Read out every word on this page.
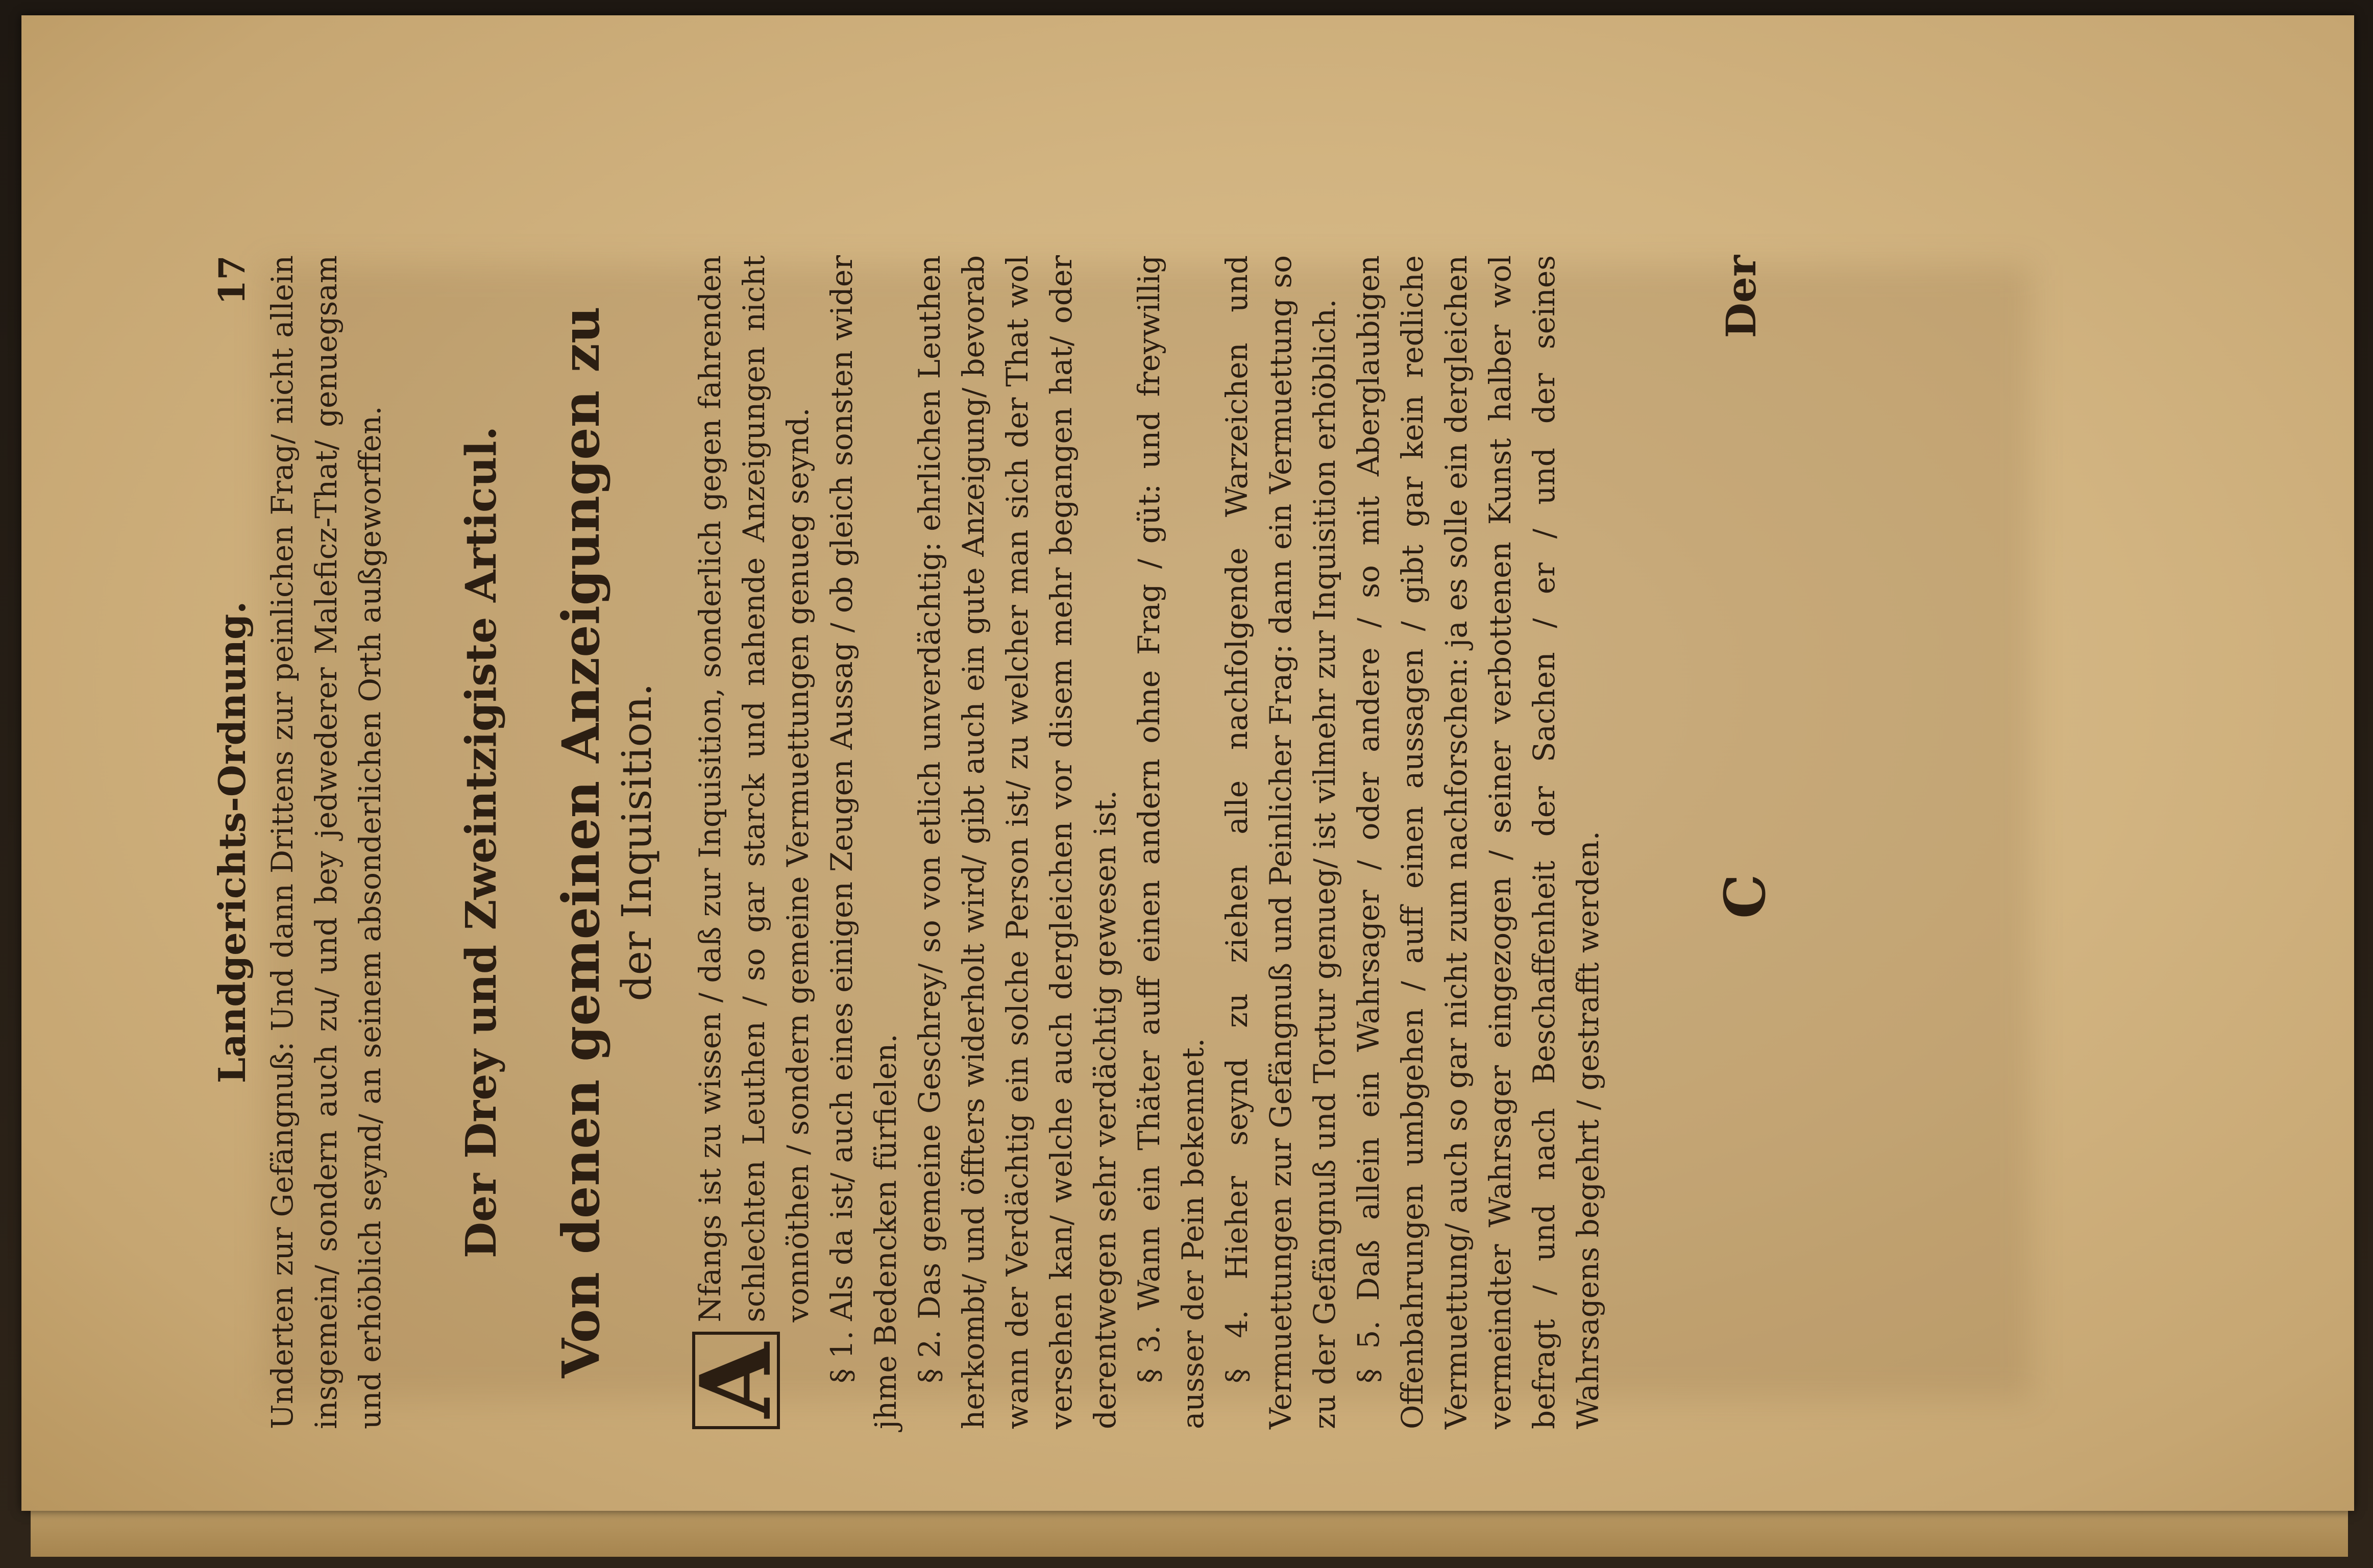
Landgerichts-Ordnung.
17 Underten zur Gefängnuß: Und dann Drittens zur peinlichen Frag/ nicht allein insgemein/ sondern auch zu/ und bey jedwederer Maleficz-That/ genuegsam und erhöblich seynd/ an seinem absonderlichen Orth außgeworffen. Der Drey und Zweintzigiste Articul. Von denen gemeinen Anzeigungen zu der Inquisition.

A
Nfangs ist zu wissen / daß zur Inquisition, sonderlich gegen fahrenden schlechten Leuthen / so gar starck und nahende Anzeigungen nicht vonnöthen / sondern gemeine Vermuettungen genueg seynd. § 1. Als da ist/ auch eines einigen Zeugen Aussag / ob gleich sonsten wider jhme Bedencken fürfielen. § 2. Das gemeine Geschrey/ so von etlich unverdächtig: ehrlichen Leuthen herkombt/ und öffters widerholt wird/ gibt auch ein gute Anzeigung/ bevorab wann der Verdächtig ein solche Person ist/ zu welcher man sich der That wol versehen kan/ welche auch dergleichen vor disem mehr begangen hat/ oder derentwegen sehr verdächtig gewesen ist. § 3. Wann ein Thäter auff einen andern ohne Frag / güt: und freywillig ausser der Pein bekennet. § 4. Hieher seynd zu ziehen alle nachfolgende Warzeichen und Vermuettungen zur Gefängnuß und Peinlicher Frag: dann ein Vermuettung so zu der Gefängnuß und Tortur genueg/ ist vilmehr zur Inquisition erhöblich. § 5. Daß allein ein Wahrsager / oder andere / so mit Aberglaubigen Offenbahrungen umbgehen / auff einen aussagen / gibt gar kein redliche Vermuettung/ auch so gar nicht zum nachforschen: ja es solle ein dergleichen vermeindter Wahrsager eingezogen / seiner verbottenen Kunst halber wol befragt / und nach Beschaffenheit der Sachen / er / und der seines Wahrsagens begehrt / gestrafft werden. C
Der
